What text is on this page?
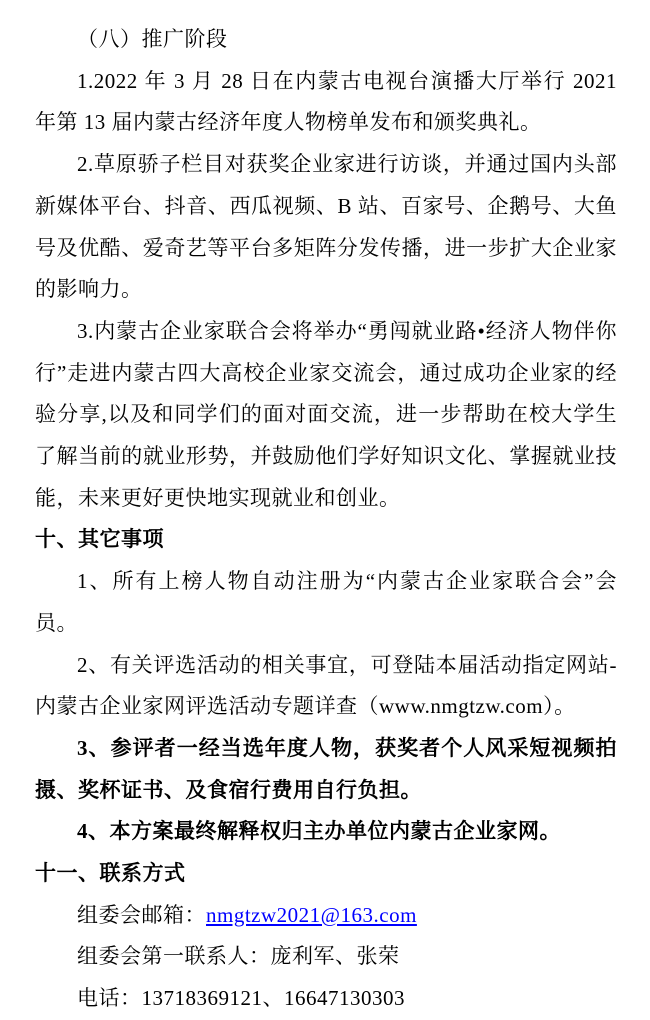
（八）推广阶段

1.2022 年 3 月 28 日在内蒙古电视台演播大厅举行 2021 年第 13 届内蒙古经济年度人物榜单发布和颁奖典礼。

2.草原骄子栏目对获奖企业家进行访谈，并通过国内头部新媒体平台、抖音、西瓜视频、B 站、百家号、企鹅号、大鱼号及优酷、爱奇艺等平台多矩阵分发传播，进一步扩大企业家的影响力。

3.内蒙古企业家联合会将举办“勇闯就业路•经济人物伴你行”走进内蒙古四大高校企业家交流会，通过成功企业家的经验分享,以及和同学们的面对面交流，进一步帮助在校大学生了解当前的就业形势，并鼓励他们学好知识文化、掌握就业技能，未来更好更快地实现就业和创业。

十、其它事项

1、所有上榜人物自动注册为“内蒙古企业家联合会”会员。

2、有关评选活动的相关事宜，可登陆本届活动指定网站-内蒙古企业家网评选活动专题详查（www.nmgtzw.com）。

3、参评者一经当选年度人物，获奖者个人风采短视频拍摄、奖杯证书、及食宿行费用自行负担。

4、本方案最终解释权归主办单位内蒙古企业家网。

十一、联系方式

组委会邮箱：nmgtzw2021@163.com

组委会第一联系人：庞利军、张荣

电话：13718369121、16647130303
